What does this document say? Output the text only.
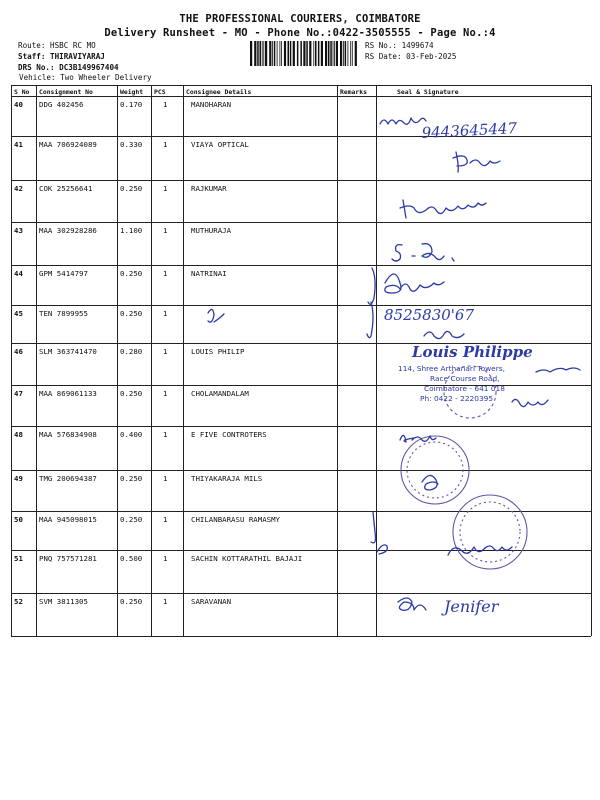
THE PROFESSIONAL COURIERS, COIMBATORE
Delivery Runsheet - MO - Phone No.:0422-3505555 - Page No.:4
Route: HSBC RC MO
Staff: THIRAVIYARAJ
DRS No.: DC3B149967404
Vehicle: Two Wheeler Delivery
RS No.: 1499674
RS Date: 03-Feb-2025
S No Consignment No	Weight PCS	Consignee Details	Remarks	Seal & Signature
40 DDG 402456	0.170	1	MANOHARAN
41 MAA 706924089	0.330	1	VIAYA OPTICAL
42 COK 25256641	0.250	1	RAJKUMAR
43 MAA 302928286	1.100	1	MUTHURAJA
44 GPM 5414797	0.250	1	NATRINAI
45 TEN 7899955	0.250	1
46 SLM 363741470	0.280	1	LOUIS PHILIP
47 MAA 869061133	0.250	1	CHOLAMANDALAM
48 MAA 576834908	0.400	1	E FIVE CONTROTERS
49 TMG 200694387	0.250	1	THIYAKARAJA MILS
50 MAA 945098015	0.250	1	CHILANBARASU RAMASMY
51 PNQ 757571281	0.500	1	SACHIN KOTTARATHIL BAJAJI
52 SVM 3811305	0.250	1	SARAVANAN
9443645447
8525830'67
Louis Philippe
114, Shree Arthanari Towers,
Race Course Road,
Coimbatore - 641 018
Ph: 0422 - 2220395
Jenifer
